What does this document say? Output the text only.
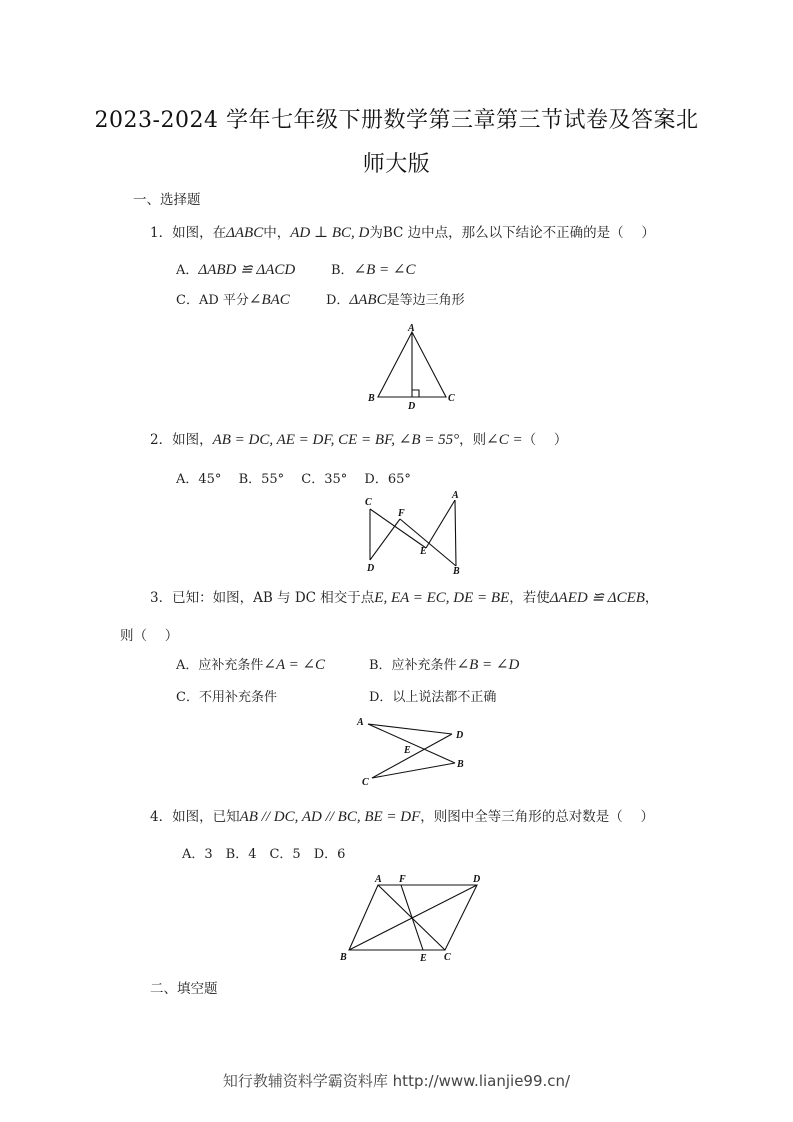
2023-2024 学年七年级下册数学第三章第三节试卷及答案北
师大版
一、选择题
1．如图，在ΔABC中，AD ⊥ BC, D为BC 边中点，那么以下结论不正确的是（　 ）
A．ΔABD ≌ ΔACD	B．∠B = ∠C
C．AD 平分∠BAC	D．ΔABC是等边三角形
A
B	C
D
2．如图，AB = DC, AE = DF, CE = BF, ∠B = 55°，则∠C =（　 ）
A．45°　 B．55°　 C．35°　 D．65°
C
F
A
E
D	B
3．已知：如图，AB 与 DC 相交于点E, EA = EC, DE = BE，若使ΔAED ≌ ΔCEB，
则（　 ）
A．应补充条件∠A = ∠C	B．应补充条件∠B = ∠D
C．不用补充条件	D．以上说法都不正确
A
D
E
C
B
4．如图，已知AB // DC, AD // BC, BE = DF，则图中全等三角形的总对数是（　 ）
A．3　B．4　C．5　D．6
A F	D
B	E C
二、填空题
知行教辅资料学霸资料库 http://www.lianjie99.cn/
